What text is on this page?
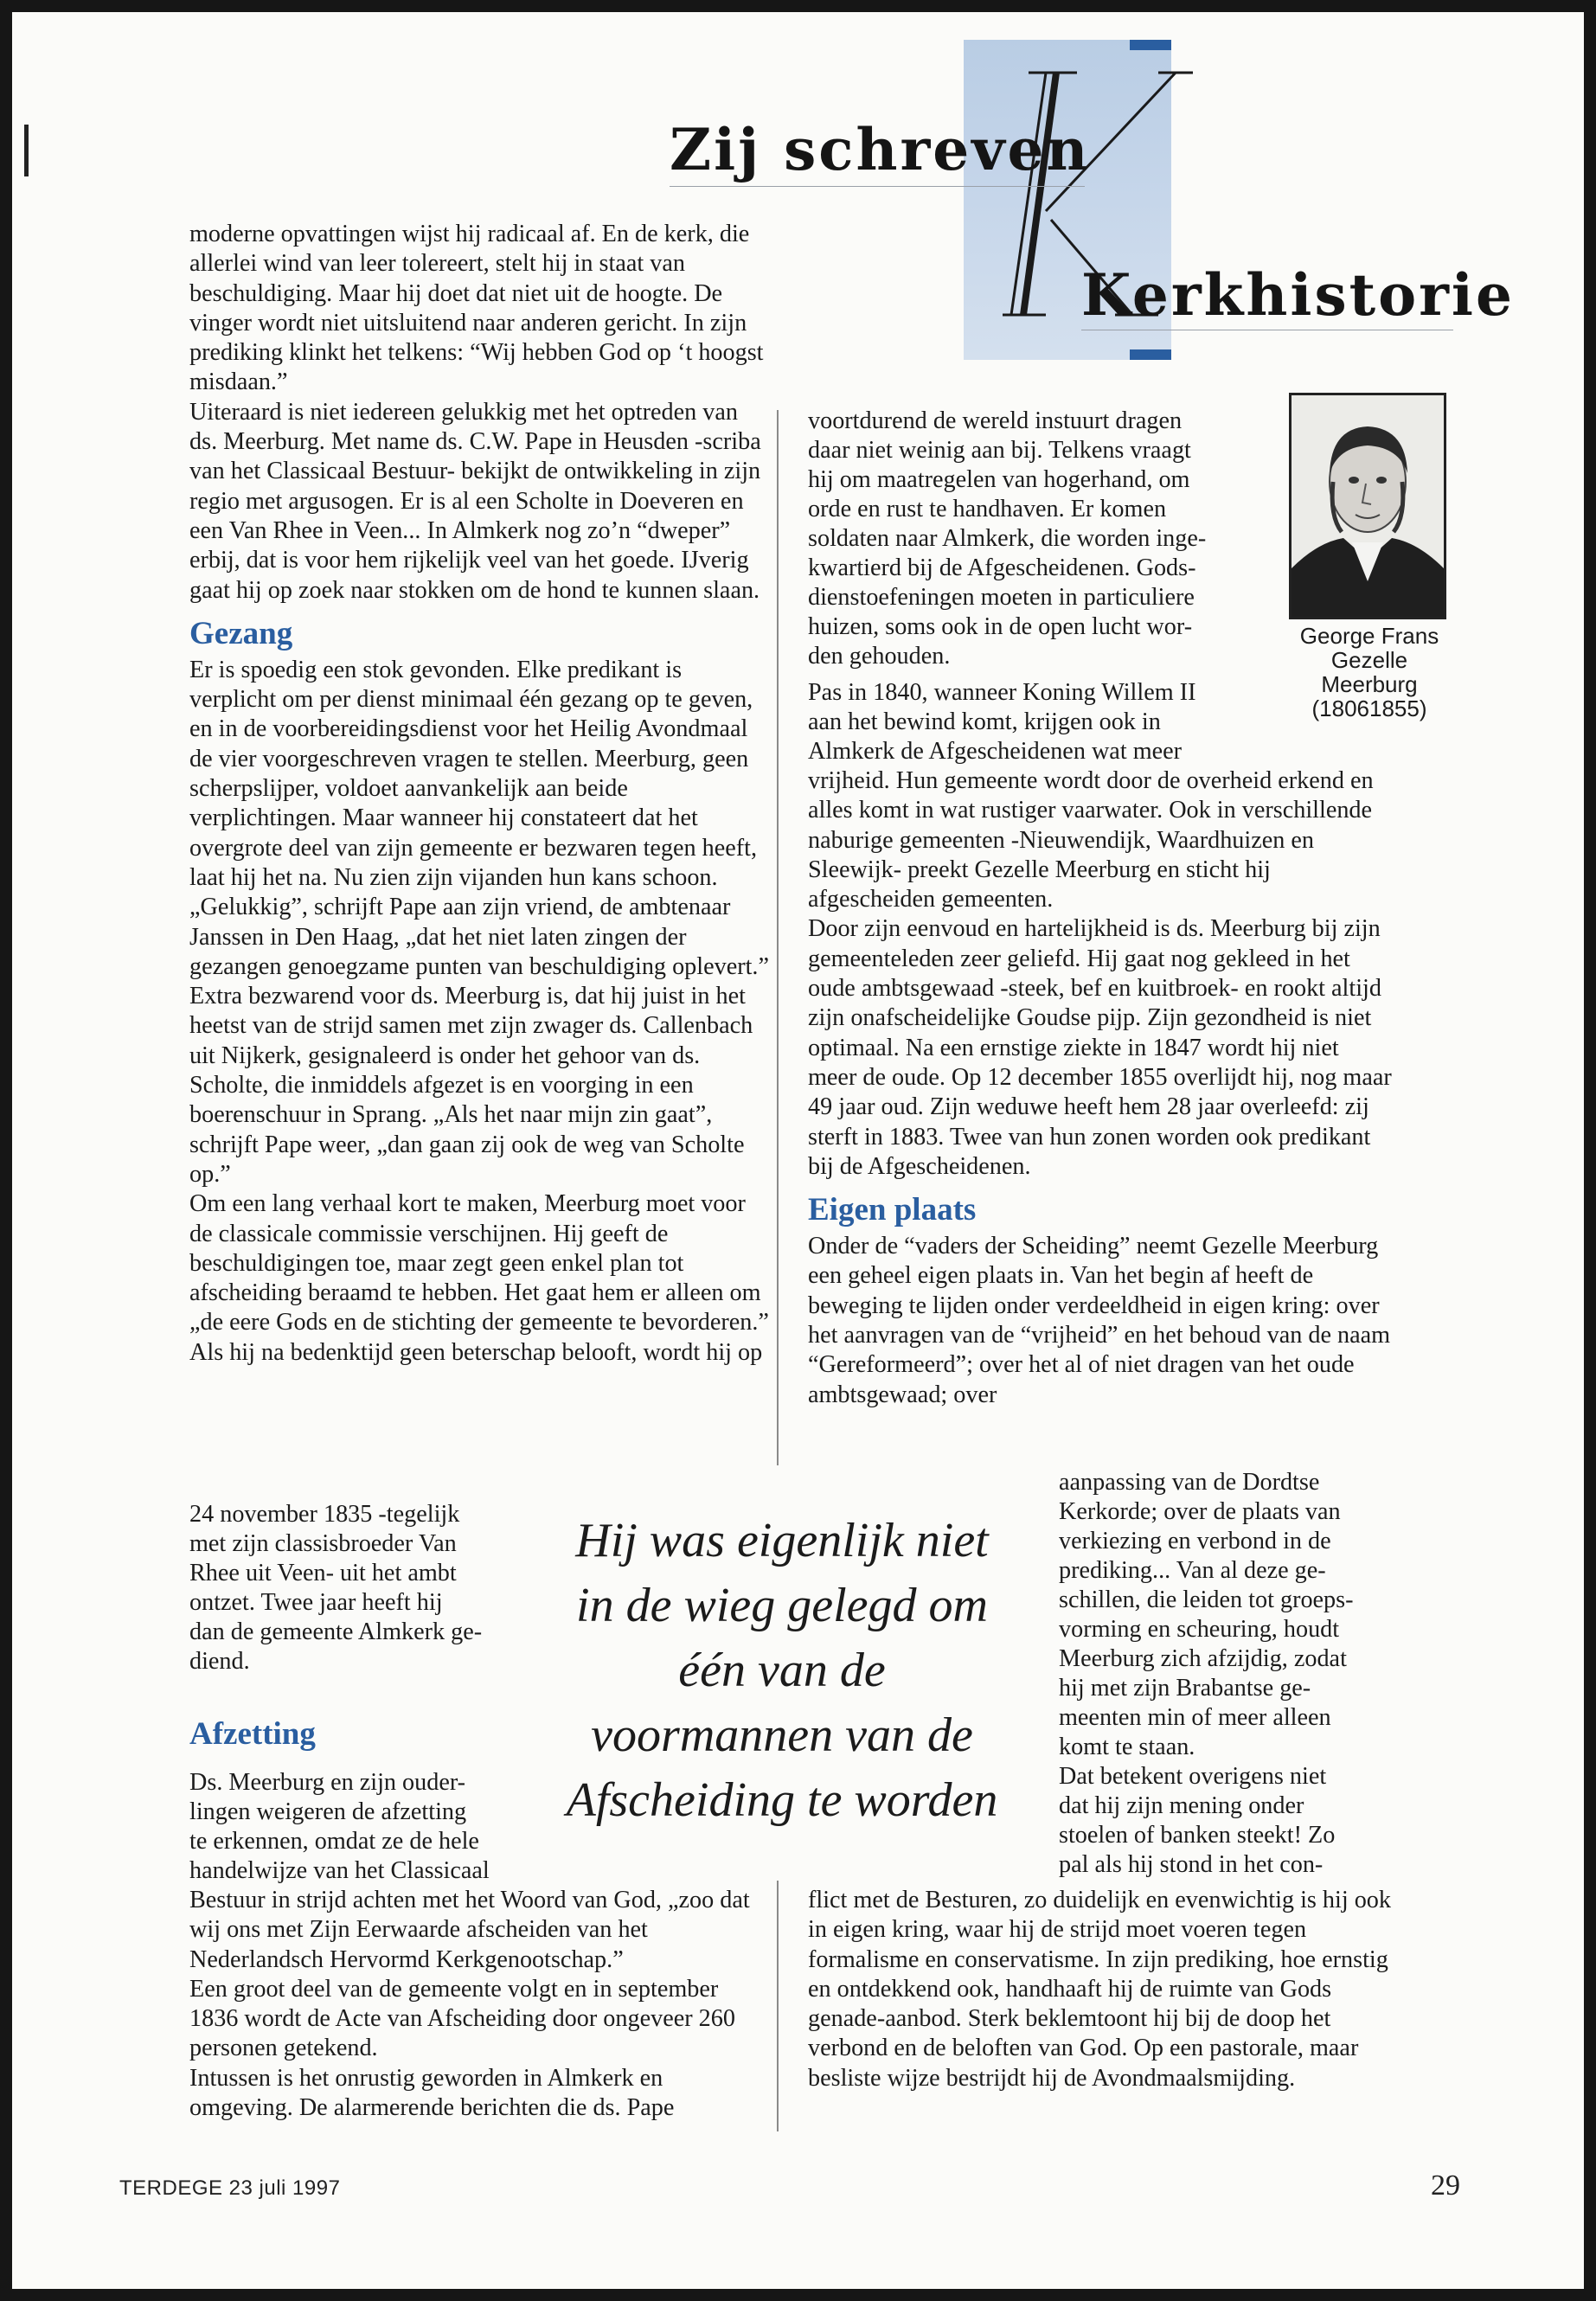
Zij schreven
Kerkhistorie

moderne opvattingen wijst hij radicaal af. En de kerk, die allerlei wind van leer tolereert, stelt hij in staat van beschuldiging. Maar hij doet dat niet uit de hoogte. De vinger wordt niet uitsluitend naar anderen gericht. In zijn prediking klinkt het telkens: “Wij hebben God op ‘t hoogst misdaan.”

Uiteraard is niet iedereen gelukkig met het optreden van ds. Meerburg. Met name ds. C.W. Pape in Heusden -scriba van het Classicaal Bestuur- bekijkt de ontwikkeling in zijn regio met argusogen. Er is al een Scholte in Doeveren en een Van Rhee in Veen... In Almkerk nog zo’n “dweper” erbij, dat is voor hem rijkelijk veel van het goede. IJverig gaat hij op zoek naar stokken om de hond te kunnen slaan.

Gezang

Er is spoedig een stok gevonden. Elke predikant is verplicht om per dienst minimaal één gezang op te geven, en in de voorbereidingsdienst voor het Heilig Avondmaal de vier voorgeschreven vragen te stellen. Meerburg, geen scherpslijper, voldoet aanvankelijk aan beide verplichtingen. Maar wanneer hij constateert dat het overgrote deel van zijn gemeente er bezwaren tegen heeft, laat hij het na. Nu zien zijn vijanden hun kans schoon. „Gelukkig”, schrijft Pape aan zijn vriend, de ambtenaar Janssen in Den Haag, „dat het niet laten zingen der gezangen genoegzame punten van beschuldiging oplevert.”

Extra bezwarend voor ds. Meerburg is, dat hij juist in het heetst van de strijd samen met zijn zwager ds. Callenbach uit Nijkerk, gesignaleerd is onder het gehoor van ds. Scholte, die inmiddels afgezet is en voorging in een boerenschuur in Sprang. „Als het naar mijn zin gaat”, schrijft Pape weer, „dan gaan zij ook de weg van Scholte op.”

Om een lang verhaal kort te maken, Meerburg moet voor de classicale commissie verschijnen. Hij geeft de beschuldigingen toe, maar zegt geen enkel plan tot afscheiding beraamd te hebben. Het gaat hem er alleen om „de eere Gods en de stichting der gemeente te bevorderen.” Als hij na bedenktijd geen beterschap belooft, wordt hij op

24 november 1835 -tegelijk
met zijn classisbroeder Van
Rhee uit Veen- uit het ambt
ontzet. Twee jaar heeft hij
dan de gemeente Almkerk ge-
diend.
Afzetting
Ds. Meerburg en zijn ouder-
lingen weigeren de afzetting
te erkennen, omdat ze de hele
handelwijze van het Classicaal

Bestuur in strijd achten met het Woord van God, „zoo dat wij ons met Zijn Eerwaarde afscheiden van het Nederlandsch Hervormd Kerkgenootschap.”

Een groot deel van de gemeente volgt en in september 1836 wordt de Acte van Afscheiding door ongeveer 260 personen getekend.

Intussen is het onrustig geworden in Almkerk en omgeving. De alarmerende berichten die ds. Pape

George Frans
Gezelle
Meerburg
(18061855)
voortdurend de wereld instuurt dragen
daar niet weinig aan bij. Telkens vraagt
hij om maatregelen van hogerhand, om
orde en rust te handhaven. Er komen
soldaten naar Almkerk, die worden inge-
kwartierd bij de Afgescheidenen. Gods-
dienstoefeningen moeten in particuliere
huizen, soms ook in de open lucht wor-
den gehouden.
Pas in 1840, wanneer Koning Willem II
aan het bewind komt, krijgen ook in
Almkerk de Afgescheidenen wat meer

vrijheid. Hun gemeente wordt door de overheid erkend en alles komt in wat rustiger vaarwater. Ook in verschillende naburige gemeenten -Nieuwendijk, Waardhuizen en Sleewijk- preekt Gezelle Meerburg en sticht hij afgescheiden gemeenten.

Door zijn eenvoud en hartelijkheid is ds. Meerburg bij zijn gemeenteleden zeer geliefd. Hij gaat nog gekleed in het oude ambtsgewaad -steek, bef en kuitbroek- en rookt altijd zijn onafscheidelijke Goudse pijp. Zijn gezondheid is niet optimaal. Na een ernstige ziekte in 1847 wordt hij niet meer de oude. Op 12 december 1855 overlijdt hij, nog maar 49 jaar oud. Zijn weduwe heeft hem 28 jaar overleefd: zij sterft in 1883. Twee van hun zonen worden ook predikant bij de Afgescheidenen.

Eigen plaats

Onder de “vaders der Scheiding” neemt Gezelle Meerburg een geheel eigen plaats in. Van het begin af heeft de beweging te lijden onder verdeeldheid in eigen kring: over het aanvragen van de “vrijheid” en het behoud van de naam “Gereformeerd”; over het al of niet dragen van het oude ambtsgewaad; over

aanpassing van de Dordtse
Kerkorde; over de plaats van
verkiezing en verbond in de
prediking... Van al deze ge-
schillen, die leiden tot groeps-
vorming en scheuring, houdt
Meerburg zich afzijdig, zodat
hij met zijn Brabantse ge-
meenten min of meer alleen
komt te staan.
Dat betekent overigens niet
dat hij zijn mening onder
stoelen of banken steekt! Zo
pal als hij stond in het con-

flict met de Besturen, zo duidelijk en evenwichtig is hij ook in eigen kring, waar hij de strijd moet voeren tegen formalisme en conservatisme. In zijn prediking, hoe ernstig en ontdekkend ook, handhaaft hij de ruimte van Gods genade-aanbod. Sterk beklemtoont hij bij de doop het verbond en de beloften van God. Op een pastorale, maar besliste wijze bestrijdt hij de Avondmaalsmijding.

Hij was eigenlijk niet
in de wieg gelegd om
één van de
voormannen van de
Afscheiding te worden
TERDEGE 23 juli 1997	29
